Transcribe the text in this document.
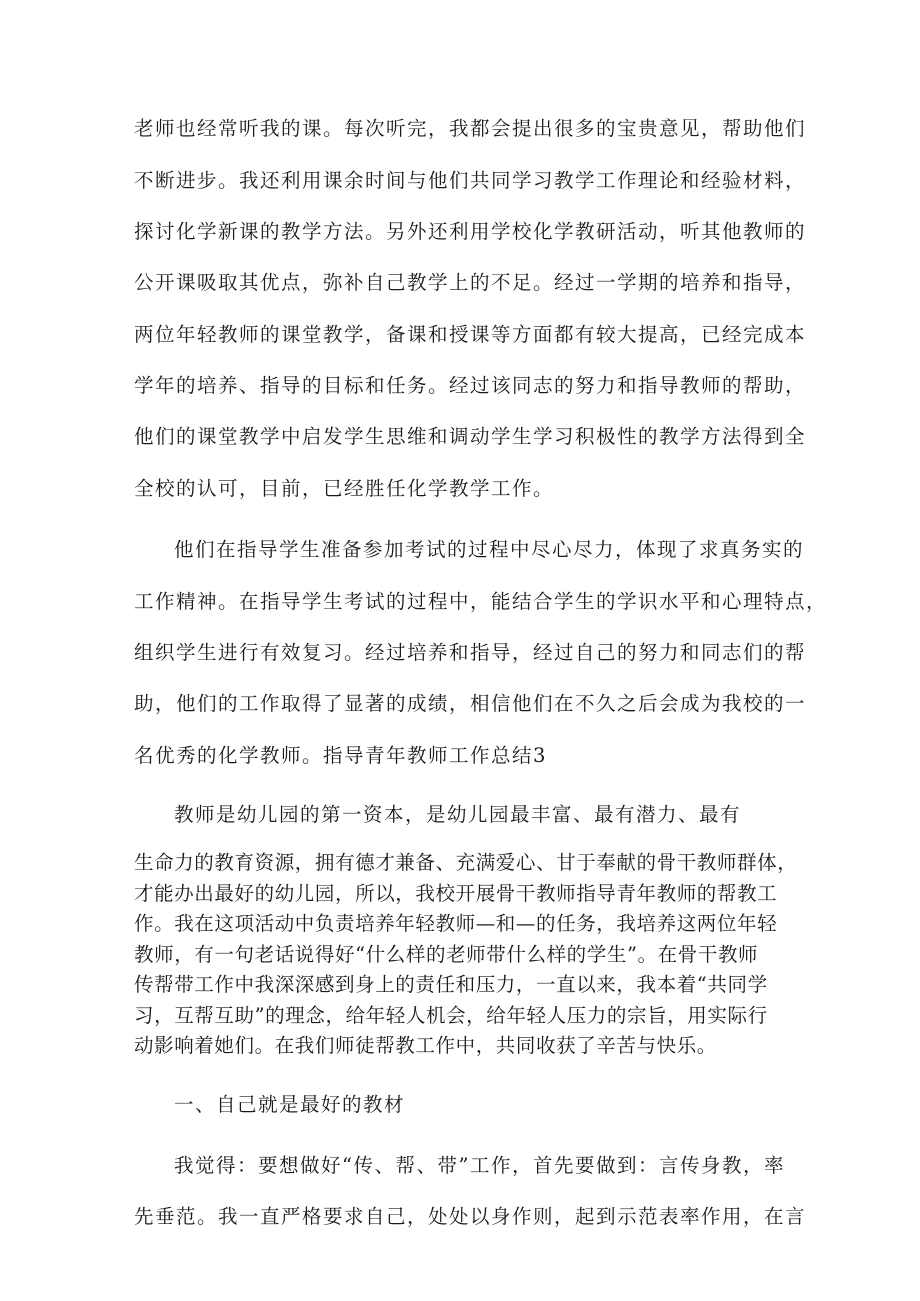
老师也经常听我的课。每次听完，我都会提出很多的宝贵意见，帮助他们
不断进步。我还利用课余时间与他们共同学习教学工作理论和经验材料，
探讨化学新课的教学方法。另外还利用学校化学教研活动，听其他教师的
公开课吸取其优点，弥补自己教学上的不足。经过一学期的培养和指导，
两位年轻教师的课堂教学，备课和授课等方面都有较大提高，已经完成本
学年的培养、指导的目标和任务。经过该同志的努力和指导教师的帮助，
他们的课堂教学中启发学生思维和调动学生学习积极性的教学方法得到全
全校的认可，目前，已经胜任化学教学工作。
他们在指导学生准备参加考试的过程中尽心尽力，体现了求真务实的
工作精神。在指导学生考试的过程中，能结合学生的学识水平和心理特点，
组织学生进行有效复习。经过培养和指导，经过自己的努力和同志们的帮
助，他们的工作取得了显著的成绩，相信他们在不久之后会成为我校的一
名优秀的化学教师。指导青年教师工作总结3
教师是幼儿园的第一资本，是幼儿园最丰富、最有潜力、最有
生命力的教育资源，拥有德才兼备、充满爱心、甘于奉献的骨干教师群体，
才能办出最好的幼儿园，所以，我校开展骨干教师指导青年教师的帮教工
作。我在这项活动中负责培养年轻教师—和—的任务，我培养这两位年轻
教师，有一句老话说得好“什么样的老师带什么样的学生”。在骨干教师
传帮带工作中我深深感到身上的责任和压力，一直以来，我本着“共同学
习，互帮互助”的理念，给年轻人机会，给年轻人压力的宗旨，用实际行
动影响着她们。在我们师徒帮教工作中，共同收获了辛苦与快乐。
一、自己就是最好的教材
我觉得：要想做好“传、帮、带”工作，首先要做到：言传身教，率
先垂范。我一直严格要求自己，处处以身作则，起到示范表率作用，在言
